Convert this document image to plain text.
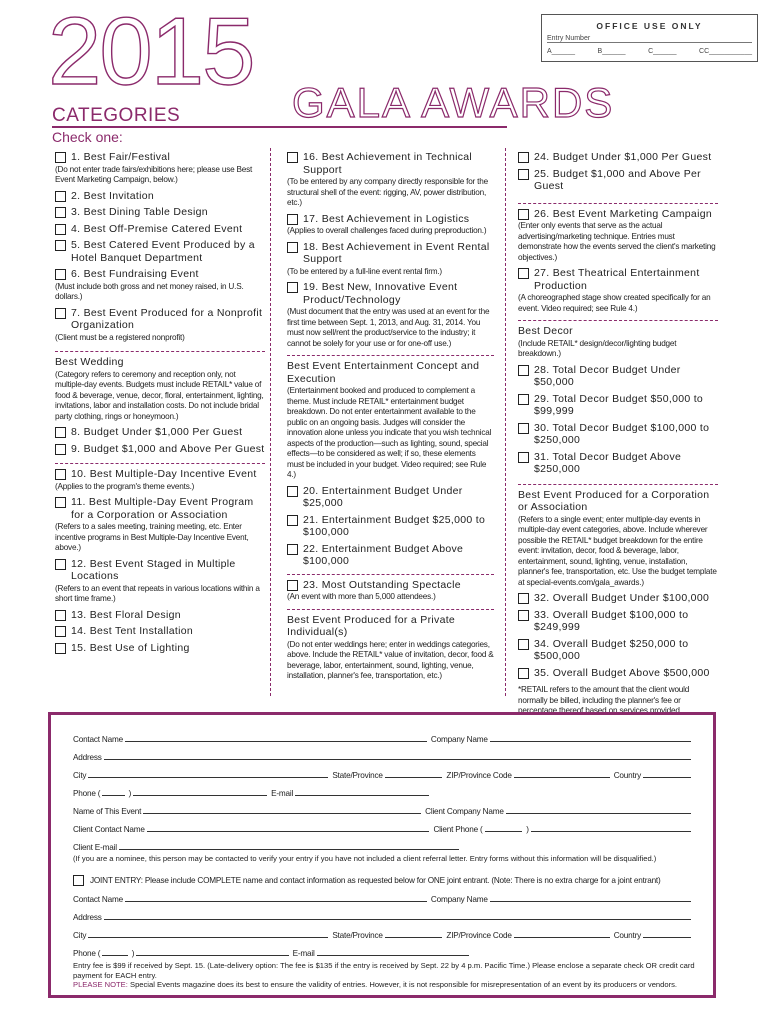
2015 GALA AWARDS
CATEGORIES
Check one:
OFFICE USE ONLY
Entry Number
A______	B______	C______	CC___________
1. Best Fair/Festival
(Do not enter trade fairs/exhibitions here; please use Best Event Marketing Campaign, below.)
2. Best Invitation
3. Best Dining Table Design
4. Best Off-Premise Catered Event
5. Best Catered Event Produced by a Hotel Banquet Department
6. Best Fundraising Event
(Must include both gross and net money raised, in U.S. dollars.)
7. Best Event Produced for a Nonprofit Organization
(Client must be a registered nonprofit)
Best Wedding
(Category refers to ceremony and reception only, not multiple-day events. Budgets must include RETAIL* value of food & beverage, venue, decor, floral, entertainment, lighting, invitations, labor and installation costs. Do not include bridal party clothing, rings or honeymoon.)
8. Budget Under $1,000 Per Guest
9. Budget $1,000 and Above Per Guest
10. Best Multiple-Day Incentive Event
(Applies to the program's theme events.)
11. Best Multiple-Day Event Program for a Corporation or Association
(Refers to a sales meeting, training meeting, etc. Enter incentive programs in Best Multiple-Day Incentive Event, above.)
12. Best Event Staged in Multiple Locations
(Refers to an event that repeats in various locations within a short time frame.)
13. Best Floral Design
14. Best Tent Installation
15. Best Use of Lighting
16. Best Achievement in Technical Support
(To be entered by any company directly responsible for the structural shell of the event: rigging, AV, power distribution, etc.)
17. Best Achievement in Logistics
(Applies to overall challenges faced during preproduction.)
18. Best Achievement in Event Rental Support
(To be entered by a full-line event rental firm.)
19. Best New, Innovative Event Product/Technology
(Must document that the entry was used at an event for the first time between Sept. 1, 2013, and Aug. 31, 2014. You must now sell/rent the product/service to the industry; it cannot be solely for your use or for one-off use.)
Best Event Entertainment Concept and Execution
(Entertainment booked and produced to complement a theme. Must include RETAIL* entertainment budget breakdown. Do not enter entertainment available to the public on an ongoing basis. Judges will consider the innovation alone unless you indicate that you wish technical aspects of the production—such as lighting, sound, special effects—to be considered as well; if so, these elements must be included in your budget. Video required; see Rule 4.)
20. Entertainment Budget Under $25,000
21. Entertainment Budget $25,000 to $100,000
22. Entertainment Budget Above $100,000
23. Most Outstanding Spectacle
(An event with more than 5,000 attendees.)
Best Event Produced for a Private Individual(s)
(Do not enter weddings here; enter in weddings categories, above. Include the RETAIL* value of invitation, decor, food & beverage, labor, entertainment, sound, lighting, venue, installation, planner's fee, transportation, etc.)
24. Budget Under $1,000 Per Guest
25. Budget $1,000 and Above Per Guest
26. Best Event Marketing Campaign
(Enter only events that serve as the actual advertising/marketing technique. Entries must demonstrate how the events served the client's marketing objectives.)
27. Best Theatrical Entertainment Production
(A choreographed stage show created specifically for an event. Video required; see Rule 4.)
Best Decor
(Include RETAIL* design/decor/lighting budget breakdown.)
28. Total Decor Budget Under $50,000
29. Total Decor Budget $50,000 to $99,999
30. Total Decor Budget $100,000 to $250,000
31. Total Decor Budget Above $250,000
Best Event Produced for a Corporation or Association
(Refers to a single event; enter multiple-day events in multiple-day event categories, above. Include wherever possible the RETAIL* budget breakdown for the entire event: invitation, decor, food & beverage, labor, entertainment, sound, lighting, venue, installation, planner's fee, transportation, etc. Use the budget template at special-events.com/gala_awards.)
32. Overall Budget Under $100,000
33. Overall Budget $100,000 to $249,999
34. Overall Budget $250,000 to $500,000
35. Overall Budget Above $500,000
*RETAIL refers to the amount that the client would normally be billed, including the planner's fee or percentage thereof based on services provided.
Contact Name	Company Name
Address
City	State/Province	ZIP/Province Code	Country
Phone (	)	E-mail
Name of This Event	Client Company Name
Client Contact Name	Client Phone (	)
Client E-mail
(If you are a nominee, this person may be contacted to verify your entry if you have not included a client referral letter. Entry forms without this information will be disqualified.)
JOINT ENTRY: Please include COMPLETE name and contact information as requested below for ONE joint entrant. (Note: There is no extra charge for a joint entrant)
Contact Name	Company Name
Address
City	State/Province	ZIP/Province Code	Country
Phone (	)	E-mail
Entry fee is $99 if received by Sept. 15. (Late-delivery option: The fee is $135 if the entry is received by Sept. 22 by 4 p.m. Pacific Time.) Please enclose a separate check OR credit card payment for EACH entry.
PLEASE NOTE: Special Events magazine does its best to ensure the validity of entries. However, it is not responsible for misrepresentation of an event by its producers or vendors.
